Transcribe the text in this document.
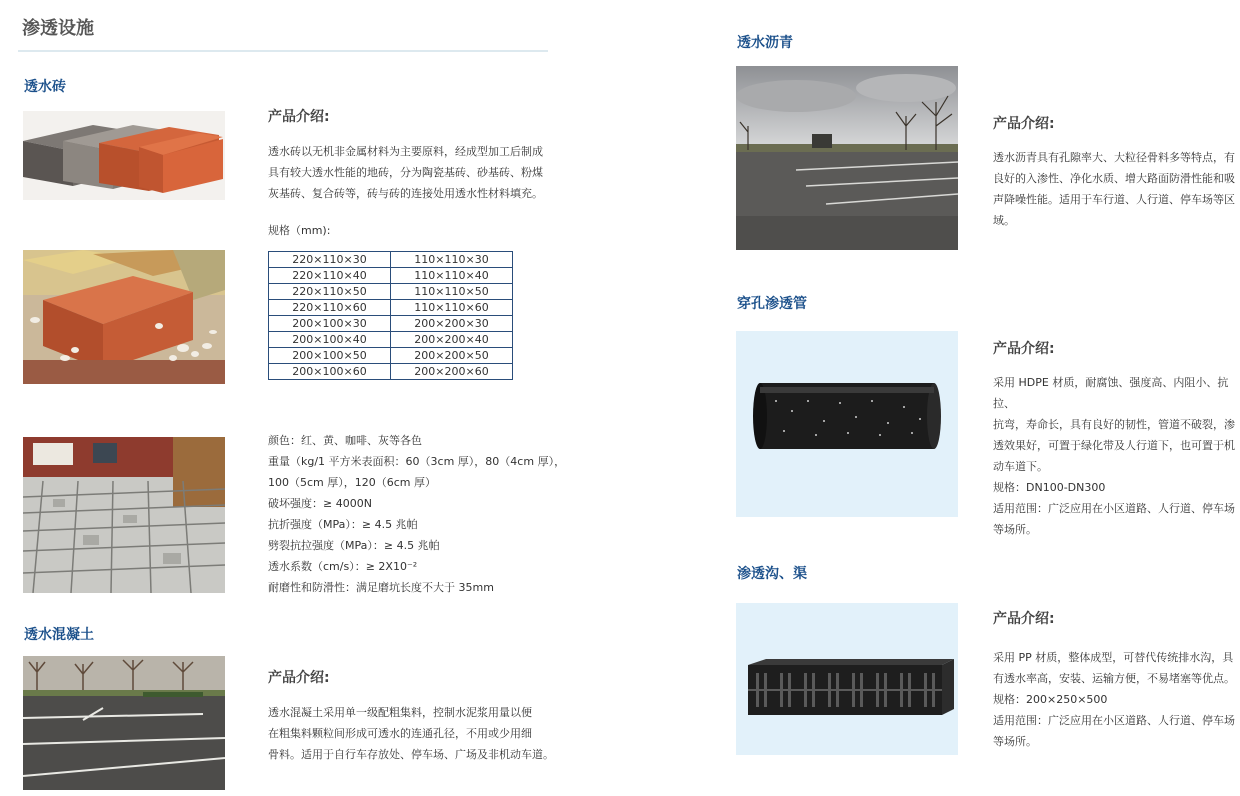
渗透设施
透水砖
产品介绍:

透水砖以无机非金属材料为主要原料，经成型加工后制成

具有较大透水性能的地砖，分为陶瓷基砖、砂基砖、粉煤

灰基砖、复合砖等，砖与砖的连接处用透水性材料填充。

规格（mm):
220×110×30	110×110×30
220×110×40	110×110×40
220×110×50	110×110×50
220×110×60	110×110×60
200×100×30	200×200×30
200×100×40	200×200×40
200×100×50	200×200×50
200×100×60	200×200×60

颜色：红、黄、咖啡、灰等各色

重量（kg/1 平方米表面积：60（3cm 厚），80（4cm 厚），

100（5cm 厚），120（6cm 厚）

破坏强度：≥ 4000N

抗折强度（MPa）：≥ 4.5 兆帕

劈裂抗拉强度（MPa）：≥ 4.5 兆帕

透水系数（cm/s）：≥ 2X10⁻²

耐磨性和防滑性：满足磨坑长度不大于 35mm

透水混凝土
产品介绍:

透水混凝土采用单一级配粗集料，控制水泥浆用量以便

在粗集料颗粒间形成可透水的连通孔径，不用或少用细

骨料。适用于自行车存放处、停车场、广场及非机动车道。

透水沥青
产品介绍:

透水沥青具有孔隙率大、大粒径骨料多等特点，有

良好的入渗性、净化水质、增大路面防滑性能和吸

声降噪性能。适用于车行道、人行道、停车场等区域。

穿孔渗透管
产品介绍:

采用 HDPE 材质，耐腐蚀、强度高、内阻小、抗拉、

抗弯，寿命长，具有良好的韧性，管道不破裂，渗

透效果好，可置于绿化带及人行道下，也可置于机

动车道下。

规格：DN100-DN300

适用范围：广泛应用在小区道路、人行道、停车场

等场所。

渗透沟、渠
产品介绍:

采用 PP 材质，整体成型，可替代传统排水沟，具

有透水率高，安装、运输方便，不易堵塞等优点。

规格：200×250×500

适用范围：广泛应用在小区道路、人行道、停车场

等场所。
